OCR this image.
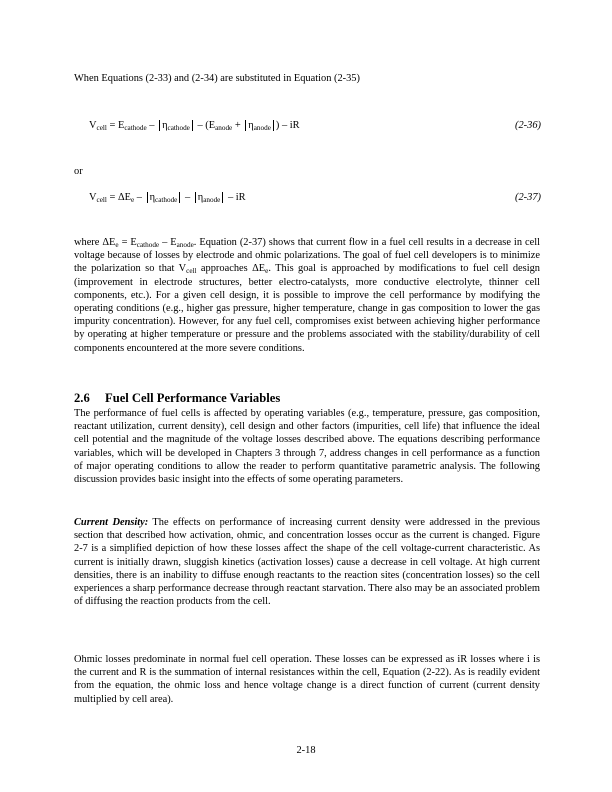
When Equations (2-33) and (2-34) are substituted in Equation (2-35)
$V_{cell} = E_{cathode} - \eta_{cathode} - (E_{anode} + \eta_{anode}$ ) – iR	(2-36)
or
$V_{cell} = \Delta E_e - \eta_{cathode} - \eta_{anode}$ – iR	(2-37)
where $\Delta E_e = E_{cathode} - E_{anode}$. Equation (2-37) shows that current flow in a fuel cell results in a decrease in cell voltage because of losses by electrode and ohmic polarizations. The goal of fuel cell developers is to minimize the polarization so that $V_{cell}$ approaches $\Delta E_e$. This goal is approached by modifications to fuel cell design (improvement in electrode structures, better electro-catalysts, more conductive electrolyte, thinner cell components, etc.). For a given cell design, it is possible to improve the cell performance by modifying the operating conditions (e.g., higher gas pressure, higher temperature, change in gas composition to lower the gas impurity concentration). However, for any fuel cell, compromises exist between achieving higher performance by operating at higher temperature or pressure and the problems associated with the stability/durability of cell components encountered at the more severe conditions.
2.6 Fuel Cell Performance Variables
The performance of fuel cells is affected by operating variables (e.g., temperature, pressure, gas composition, reactant utilization, current density), cell design and other factors (impurities, cell life) that influence the ideal cell potential and the magnitude of the voltage losses described above. The equations describing performance variables, which will be developed in Chapters 3 through 7, address changes in cell performance as a function of major operating conditions to allow the reader to perform quantitative parametric analysis. The following discussion provides basic insight into the effects of some operating parameters.
Current Density: The effects on performance of increasing current density were addressed in the previous section that described how activation, ohmic, and concentration losses occur as the current is changed. Figure 2-7 is a simplified depiction of how these losses affect the shape of the cell voltage-current characteristic. As current is initially drawn, sluggish kinetics (activation losses) cause a decrease in cell voltage. At high current densities, there is an inability to diffuse enough reactants to the reaction sites (concentration losses) so the cell experiences a sharp performance decrease through reactant starvation. There also may be an associated problem of diffusing the reaction products from the cell.
Ohmic losses predominate in normal fuel cell operation. These losses can be expressed as iR losses where i is the current and R is the summation of internal resistances within the cell, Equation (2-22). As is readily evident from the equation, the ohmic loss and hence voltage change is a direct function of current (current density multiplied by cell area).
2-18
